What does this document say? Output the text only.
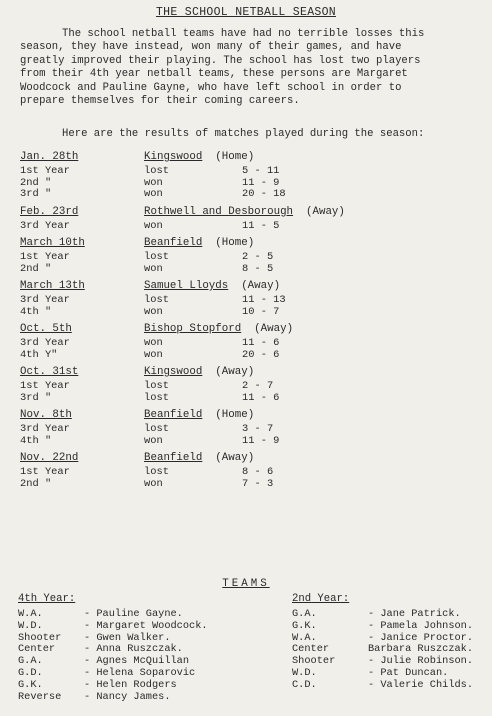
THE SCHOOL NETBALL SEASON
The school netball teams have had no terrible losses this
season, they have instead, won many of their games, and have
greatly improved their playing. The school has lost two players
from their 4th year netball teams, these persons are Margaret
Woodcock and Pauline Gayne, who have left school in order to
prepare themselves for their coming careers.
Here are the results of matches played during the season:
Jan. 28th	Kingswood (Home)
1st Year	lost	5 - 11
2nd "	won	11 - 9
3rd "	won	20 - 18
Feb. 23rd	Rothwell and Desborough (Away)
3rd Year	won	11 - 5
March 10th	Beanfield (Home)
1st Year	lost	2 - 5
2nd "	won	8 - 5
March 13th	Samuel Lloyds (Away)
3rd Year	lost	11 - 13
4th "	won	10 - 7
Oct. 5th	Bishop Stopford (Away)
3rd Year	won	11 - 6
4th Y"	won	20 - 6
Oct. 31st	Kingswood (Away)
1st Year	lost	2 - 7
3rd "	lost	11 - 6
Nov. 8th	Beanfield (Home)
3rd Year	lost	3 - 7
4th "	won	11 - 9
Nov. 22nd	Beanfield (Away)
1st Year	lost	8 - 6
2nd "	won	7 - 3
TEAMS
4th Year:
W.A.	- Pauline Gayne.
W.D.	- Margaret Woodcock.
Shooter - Gwen Walker.
Center	- Anna Ruszczak.
G.A.	- Agnes McQuillan
G.D.	- Helena Soparovic
G.K.	- Helen Rodgers
Reverse - Nancy James.
2nd Year:
G.A.	- Jane Patrick.
G.K.	- Pamela Johnson.
W.A.	- Janice Proctor.
Center	Barbara Ruszczak.
Shooter	- Julie Robinson.
W.D.	- Pat Duncan.
C.D.	- Valerie Childs.
